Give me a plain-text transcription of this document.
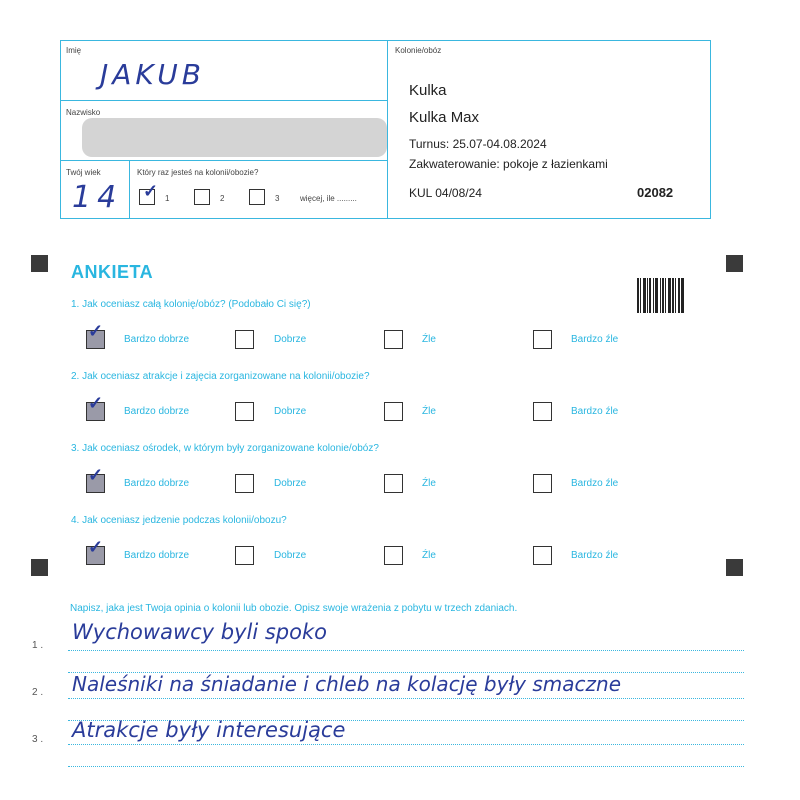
Imię
JAKUB
Nazwisko
Twój wiek
14
Który raz jesteś na kolonii/obozie?
✓ 1	2	3	więcej, ile .........
Kolonie/obóz
Kulka
Kulka Max
Turnus: 25.07-04.08.2024
Zakwaterowanie: pokoje z łazienkami
KUL 04/08/24	02082
ANKIETA
1. Jak oceniasz całą kolonię/obóz? (Podobało Ci się?)
✓ Bardzo dobrze	Dobrze	Źle	Bardzo źle
2. Jak oceniasz atrakcje i zajęcia zorganizowane na kolonii/obozie?
✓ Bardzo dobrze	Dobrze	Źle	Bardzo źle
3. Jak oceniasz ośrodek, w którym były zorganizowane kolonie/obóz?
✓ Bardzo dobrze	Dobrze	Źle	Bardzo źle
4. Jak oceniasz jedzenie podczas kolonii/obozu?
✓ Bardzo dobrze	Dobrze	Źle	Bardzo źle
Napisz, jaka jest Twoja opinia o kolonii lub obozie. Opisz swoje wrażenia z pobytu w trzech zdaniach.
1 .
Wychowawcy byli spoko
2 . Naleśniki na śniadanie i chleb na kolację były smaczne
3 . Atrakcje były interesujące
